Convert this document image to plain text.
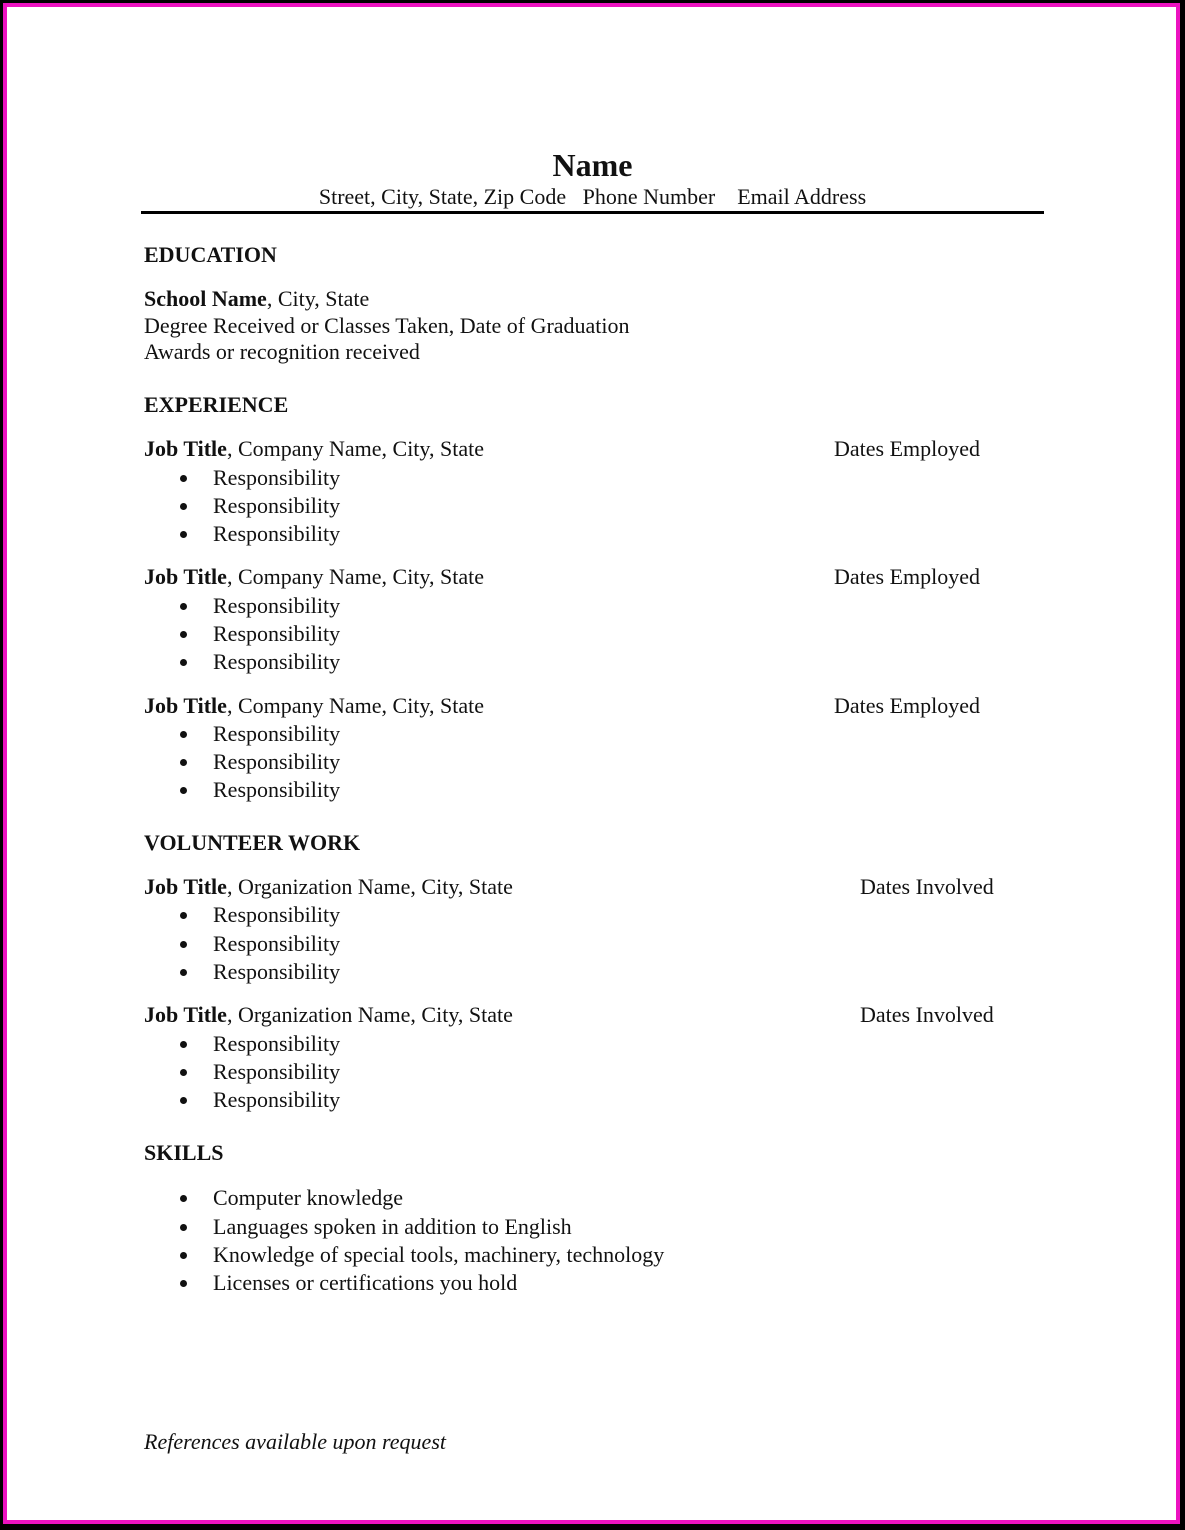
Name
Street, City, State, Zip Code   Phone Number    Email Address
EDUCATION
School Name, City, State
Degree Received or Classes Taken, Date of Graduation
Awards or recognition received
EXPERIENCE
Job Title, Company Name, City, State	Dates Employed
Responsibility
Responsibility
Responsibility
Job Title, Company Name, City, State	Dates Employed
Responsibility
Responsibility
Responsibility
Job Title, Company Name, City, State	Dates Employed
Responsibility
Responsibility
Responsibility
VOLUNTEER WORK
Job Title, Organization Name, City, State	Dates Involved
Responsibility
Responsibility
Responsibility
Job Title, Organization Name, City, State	Dates Involved
Responsibility
Responsibility
Responsibility
SKILLS
Computer knowledge
Languages spoken in addition to English
Knowledge of special tools, machinery, technology
Licenses or certifications you hold
References available upon request
